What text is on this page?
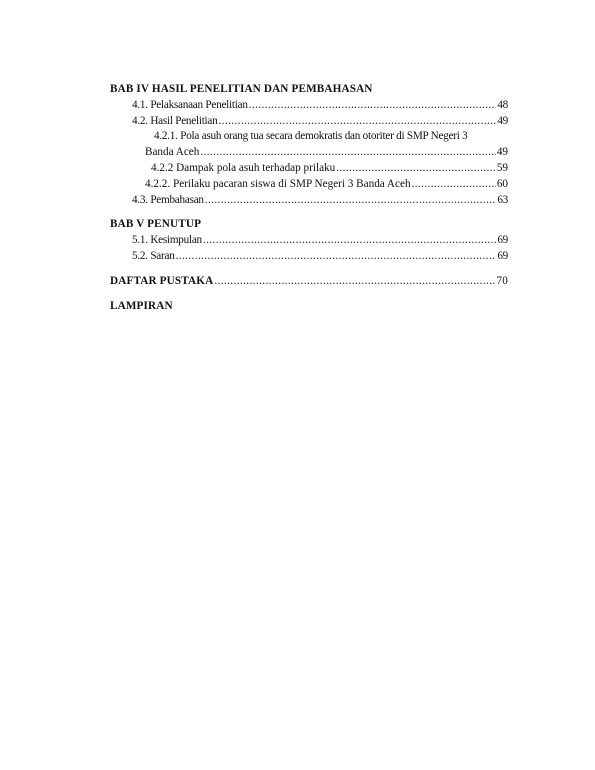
BAB IV HASIL PENELITIAN DAN PEMBAHASAN
4.1. Pelaksanaan Penelitian .....	48
4.2. Hasil Penelitian .....	49
4.2.1. Pola asuh orang tua secara demokratis dan otoriter di SMP Negeri 3
Banda Aceh .....	49
4.2.2 Dampak pola asuh terhadap prilaku .....	59
4.2.2. Perilaku pacaran siswa di SMP Negeri 3 Banda Aceh .....	60
4.3. Pembahasan .....	63
BAB V PENUTUP
5.1. Kesimpulan .....	69
5.2. Saran .....	69
DAFTAR PUSTAKA .....	70
LAMPIRAN
